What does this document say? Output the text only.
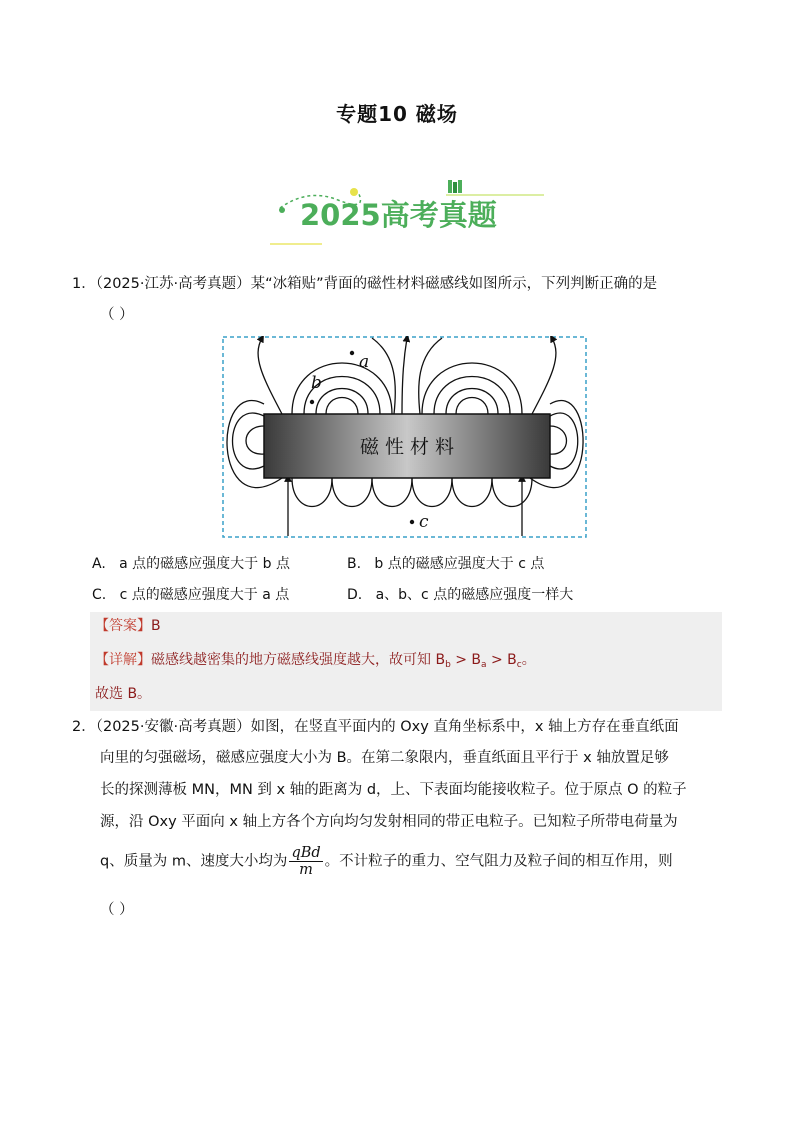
专题10 磁场
2025高考真题
1．（2025·江苏·高考真题）某“冰箱贴”背面的磁性材料磁感线如图所示，下列判断正确的是
（ ）
磁 性 材 料
a
b
c
A. a 点的磁感应强度大于 b 点	B. b 点的磁感应强度大于 c 点
C. c 点的磁感应强度大于 a 点	D. a、b、c 点的磁感应强度一样大
【答案】B
【详解】磁感线越密集的地方磁感线强度越大，故可知 $B_b > B_a > B_c$。
故选 B。
2．（2025·安徽·高考真题）如图，在竖直平面内的 Oxy 直角坐标系中，x 轴上方存在垂直纸面
向里的匀强磁场，磁感应强度大小为 B。在第二象限内，垂直纸面且平行于 x 轴放置足够
长的探测薄板 MN，MN 到 x 轴的距离为 d，上、下表面均能接收粒子。位于原点 O 的粒子
源，沿 Oxy 平面向 x 轴上方各个方向均匀发射相同的带正电粒子。已知粒子所带电荷量为
q、质量为 m、速度大小均为 $\frac{\text{qBd}}{m}$ 。不计粒子的重力、空气阻力及粒子间的相互作用，则
（ ）
